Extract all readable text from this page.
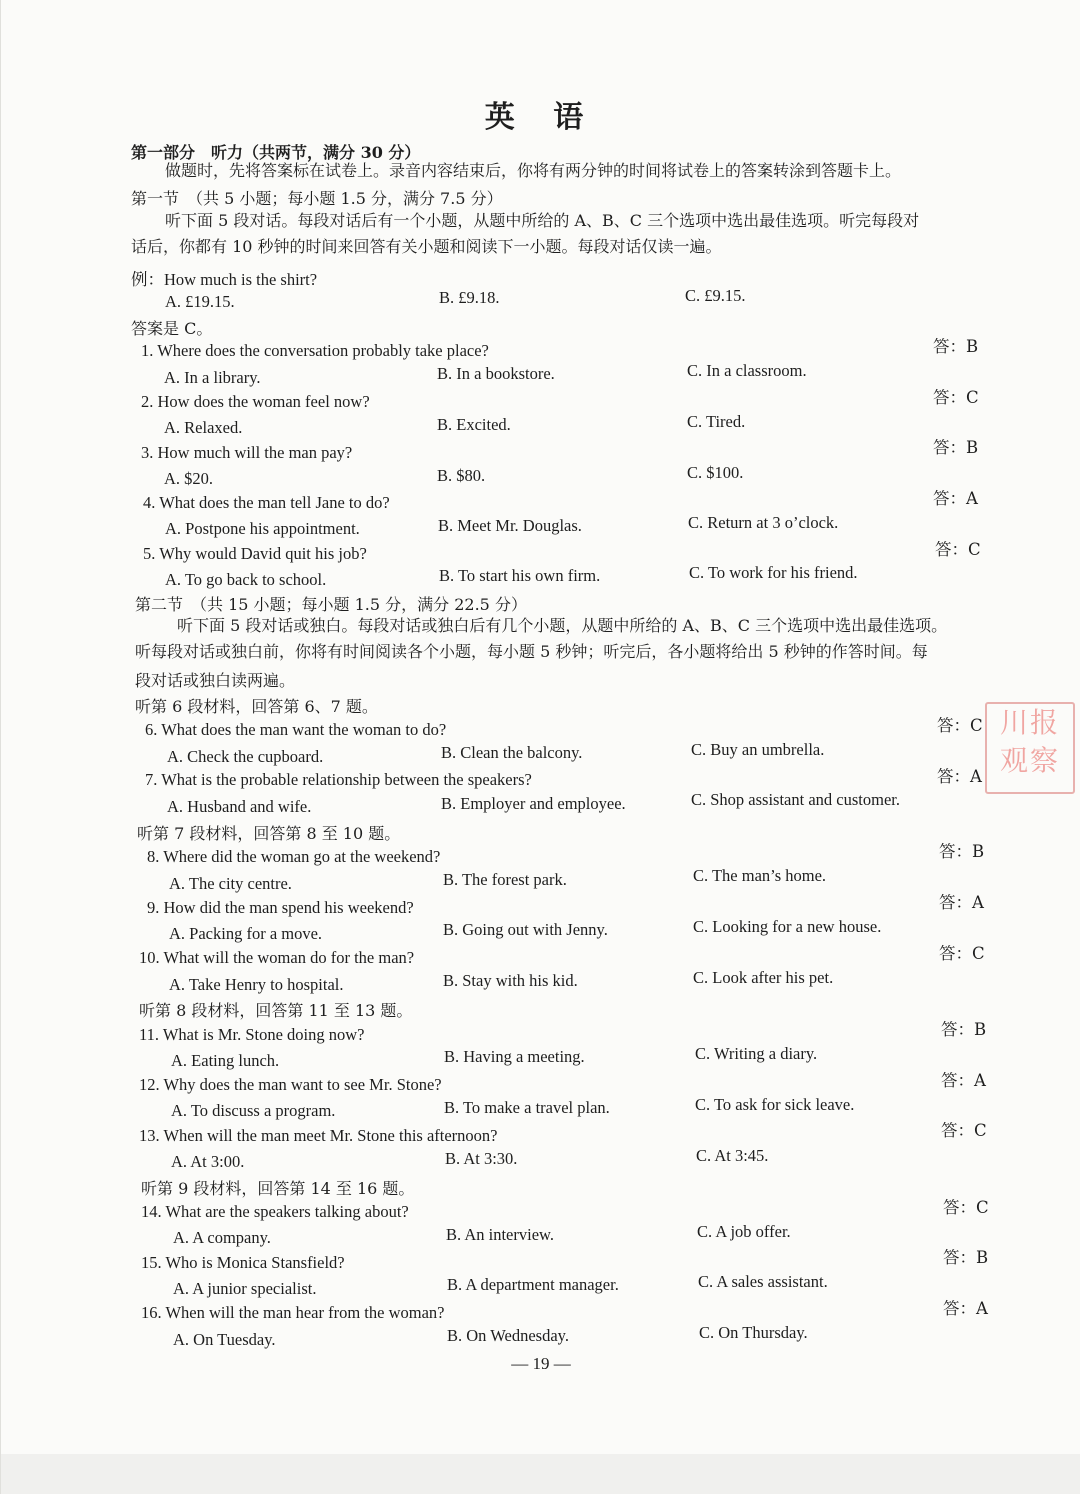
英 语
第一部分　听力（共两节，满分 30 分）
做题时，先将答案标在试卷上。录音内容结束后，你将有两分钟的时间将试卷上的答案转涂到答题卡上。
第一节　（共 5 小题；每小题 1.5 分，满分 7.5 分）
听下面 5 段对话。每段对话后有一个小题，从题中所给的 A、B、C 三个选项中选出最佳选项。听完每段对
话后，你都有 10 秒钟的时间来回答有关小题和阅读下一小题。每段对话仅读一遍。
例：How much is the shirt?
A. £19.15.	B. £9.18.	C. £9.15.
答案是 C。
1. Where does the conversation probably take place?
A. In a library.	B. In a bookstore.	C. In a classroom.
答：B
2. How does the woman feel now?
A. Relaxed.	B. Excited.	C. Tired.
答：C
3. How much will the man pay?
A. $20.	B. $80.	C. $100.
答：B
4. What does the man tell Jane to do?
A. Postpone his appointment.	B. Meet Mr. Douglas.	C. Return at 3 o’clock.
答：A
5. Why would David quit his job?
A. To go back to school.	B. To start his own firm.	C. To work for his friend.
答：C
第二节　（共 15 小题；每小题 1.5 分，满分 22.5 分）
听下面 5 段对话或独白。每段对话或独白后有几个小题，从题中所给的 A、B、C 三个选项中选出最佳选项。
听每段对话或独白前，你将有时间阅读各个小题，每小题 5 秒钟；听完后，各小题将给出 5 秒钟的作答时间。每
段对话或独白读两遍。
听第 6 段材料，回答第 6、7 题。
6. What does the man want the woman to do?
A. Check the cupboard.	B. Clean the balcony.	C. Buy an umbrella.
答：C
7. What is the probable relationship between the speakers?
A. Husband and wife.	B. Employer and employee.	C. Shop assistant and customer.
答：A
听第 7 段材料，回答第 8 至 10 题。
8. Where did the woman go at the weekend?
A. The city centre.	B. The forest park.	C. The man’s home.
答：B
9. How did the man spend his weekend?
A. Packing for a move.	B. Going out with Jenny.	C. Looking for a new house.
答：A
10. What will the woman do for the man?
A. Take Henry to hospital.	B. Stay with his kid.	C. Look after his pet.
答：C
听第 8 段材料，回答第 11 至 13 题。
11. What is Mr. Stone doing now?
A. Eating lunch.	B. Having a meeting.	C. Writing a diary.
答：B
12. Why does the man want to see Mr. Stone?
A. To discuss a program.	B. To make a travel plan.	C. To ask for sick leave.
答：A
13. When will the man meet Mr. Stone this afternoon?
A. At 3:00.	B. At 3:30.	C. At 3:45.
答：C
听第 9 段材料，回答第 14 至 16 题。
14. What are the speakers talking about?
A. A company.	B. An interview.	C. A job offer.
答：C
15. Who is Monica Stansfield?
A. A junior specialist.	B. A department manager.	C. A sales assistant.
答：B
16. When will the man hear from the woman?
A. On Tuesday.	B. On Wednesday.	C. On Thursday.
答：A
— 19 —
川报
观察
